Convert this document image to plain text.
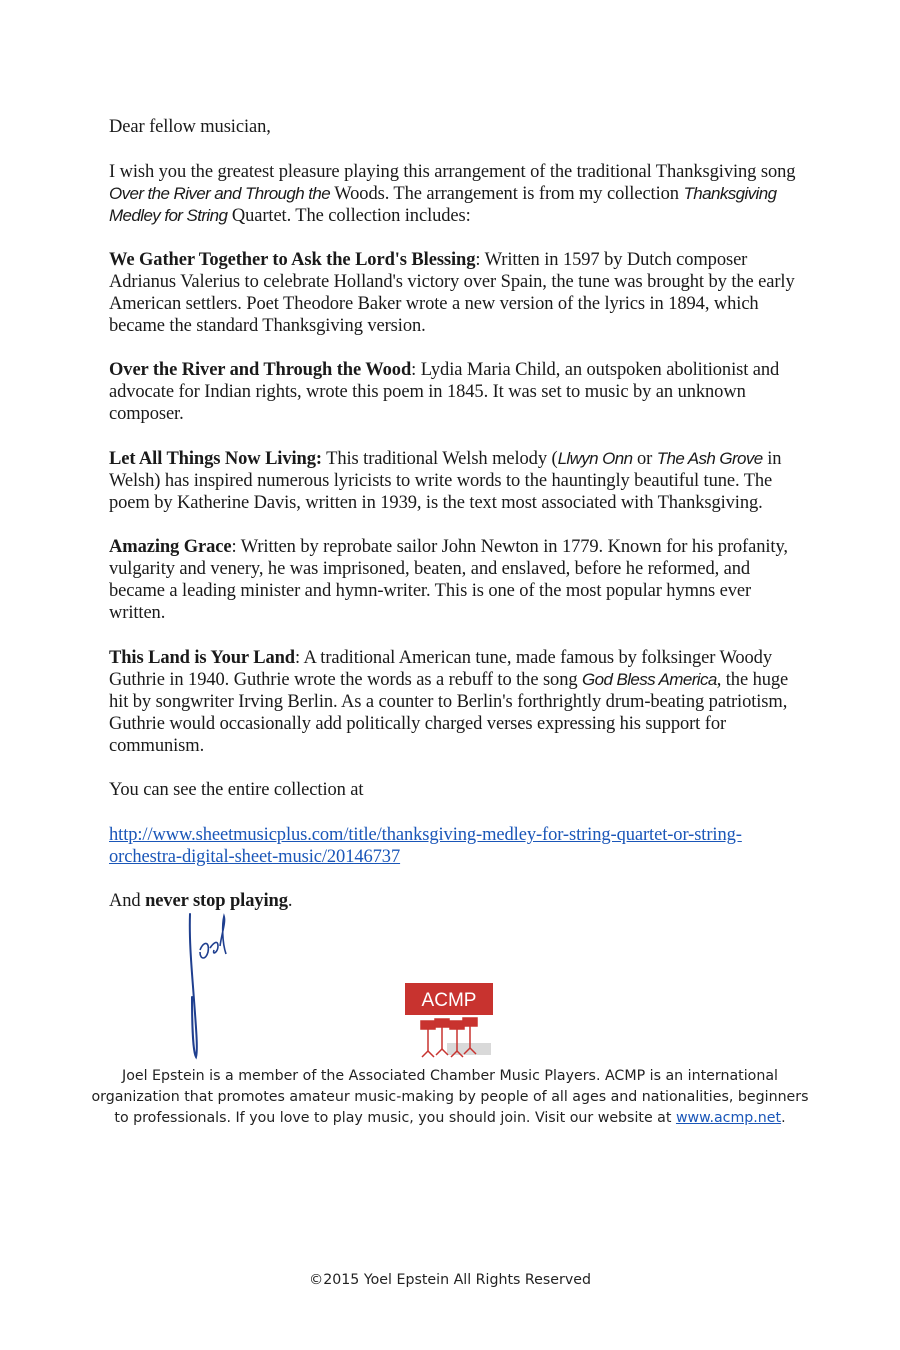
Dear fellow musician,

I wish you the greatest pleasure playing this arrangement of the traditional Thanksgiving song
Over the River and Through the Woods. The arrangement is from my collection Thanksgiving
Medley for String Quartet. The collection includes:

We Gather Together to Ask the Lord's Blessing: Written in 1597 by Dutch composer Adrianus Valerius to celebrate Holland's victory over Spain, the tune was brought by the early American settlers. Poet Theodore Baker wrote a new version of the lyrics in 1894, which became the standard Thanksgiving version.

Over the River and Through the Wood: Lydia Maria Child, an outspoken abolitionist and advocate for Indian rights, wrote this poem in 1845. It was set to music by an unknown composer.

Let All Things Now Living: This traditional Welsh melody (Llwyn Onn or The Ash Grove in Welsh) has inspired numerous lyricists to write words to the hauntingly beautiful tune. The poem by Katherine Davis, written in 1939, is the text most associated with Thanksgiving.

Amazing Grace: Written by reprobate sailor John Newton in 1779. Known for his profanity, vulgarity and venery, he was imprisoned, beaten, and enslaved, before he reformed, and became a leading minister and hymn-writer. This is one of the most popular hymns ever written.

This Land is Your Land: A traditional American tune, made famous by folksinger Woody Guthrie in 1940. Guthrie wrote the words as a rebuff to the song God Bless America, the huge hit by songwriter Irving Berlin. As a counter to Berlin's forthrightly drum-beating patriotism, Guthrie would occasionally add politically charged verses expressing his support for communism.

You can see the entire collection at

http://www.sheetmusicplus.com/title/thanksgiving-medley-for-string-quartet-or-string-
orchestra-digital-sheet-music/20146737

And never stop playing.

ACMP

Joel Epstein is a member of the Associated Chamber Music Players. ACMP is an international

organization that promotes amateur music-making by people of all ages and nationalities, beginners

to professionals. If you love to play music, you should join. Visit our website at www.acmp.net.

©2015 Yoel Epstein All Rights Reserved
